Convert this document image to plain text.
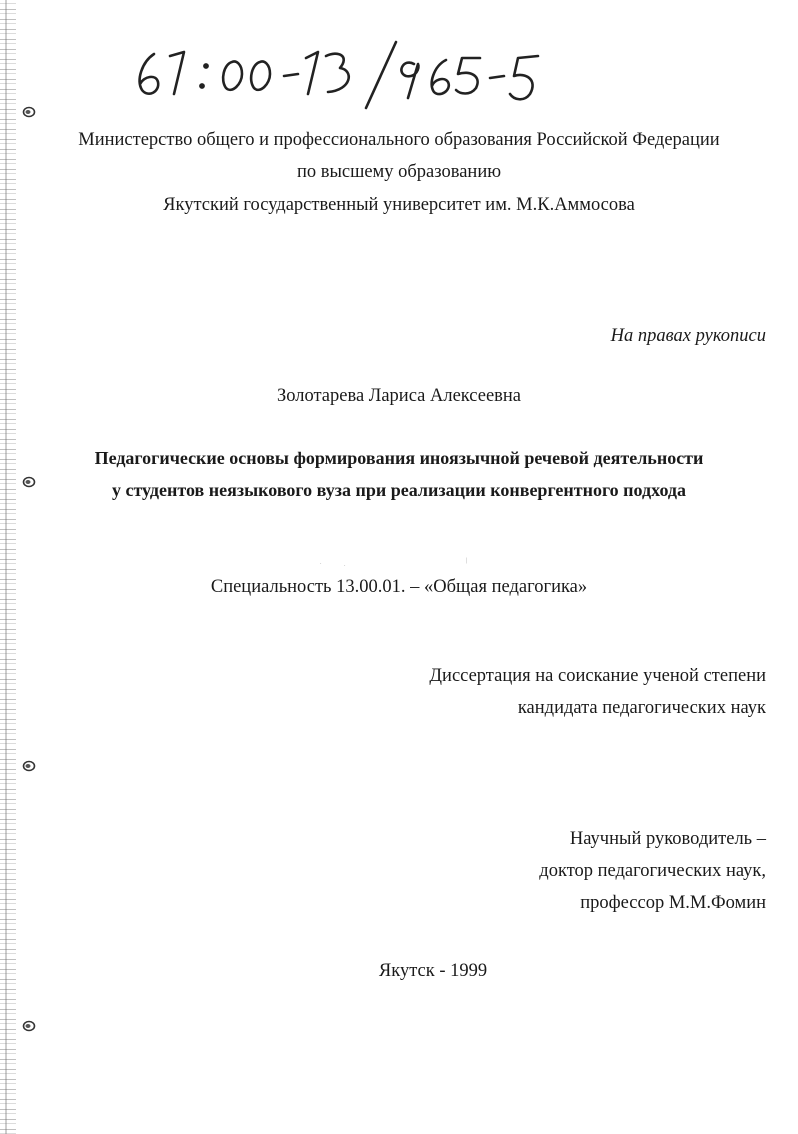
61 : 00 - 13 / 965 - 5
Министерство общего и профессионального образования Российской Федерации
по высшему образованию
Якутский государственный университет им. М.К.Аммосова
На правах рукописи
Золотарева Лариса Алексеевна
Педагогические основы формирования иноязычной речевой деятельности
у студентов неязыкового вуза при реализации конвергентного подхода
.	.
|
Специальность 13.00.01. – «Общая педагогика»
Диссертация на соискание ученой степени
кандидата педагогических наук
Научный руководитель –
доктор педагогических наук,
профессор М.М.Фомин
Якутск - 1999
